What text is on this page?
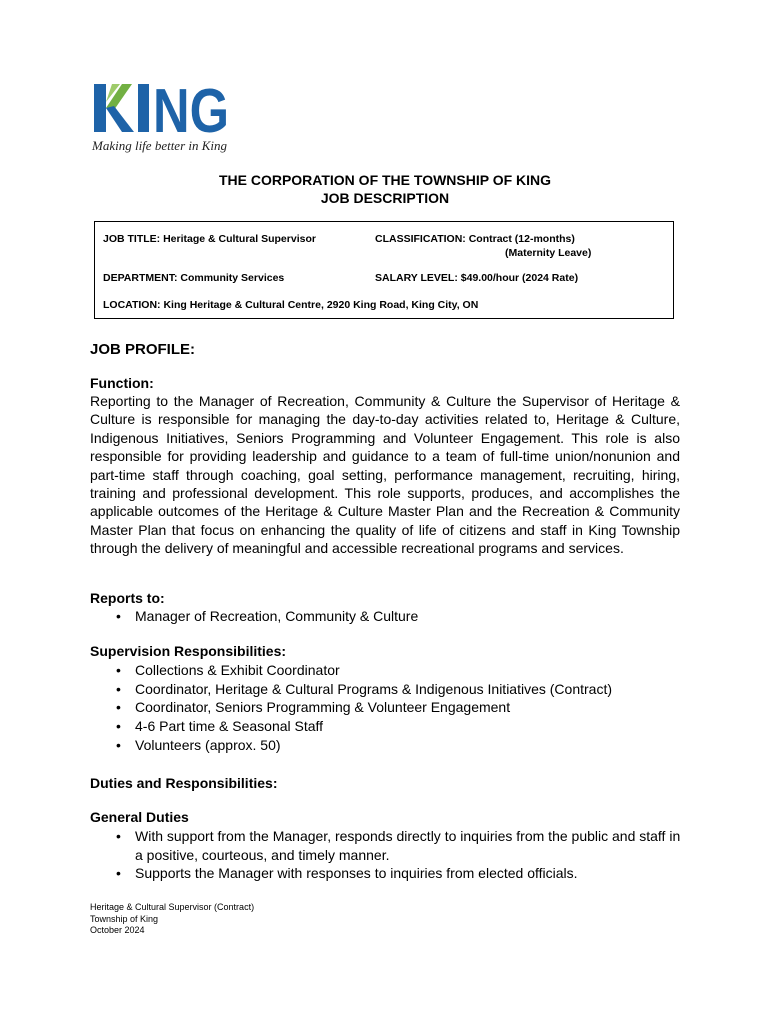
NG
Making life better in King
THE CORPORATION OF THE TOWNSHIP OF KING
JOB DESCRIPTION
JOB TITLE: Heritage & Cultural Supervisor	CLASSIFICATION: Contract (12-months)
(Maternity Leave)
DEPARTMENT: Community Services	SALARY LEVEL: $49.00/hour (2024 Rate)
LOCATION: King Heritage & Cultural Centre, 2920 King Road, King City, ON
JOB PROFILE:
Function:
Reporting to the Manager of Recreation, Community & Culture the Supervisor of Heritage & Culture is responsible for managing the day-to-day activities related to, Heritage & Culture, Indigenous Initiatives, Seniors Programming and Volunteer Engagement. This role is also responsible for providing leadership and guidance to a team of full-time union/nonunion and part-time staff through coaching, goal setting, performance management, recruiting, hiring, training and professional development. This role supports, produces, and accomplishes the applicable outcomes of the Heritage & Culture Master Plan and the Recreation & Community Master Plan that focus on enhancing the quality of life of citizens and staff in King Township through the delivery of meaningful and accessible recreational programs and services.
Reports to:
• Manager of Recreation, Community & Culture
Supervision Responsibilities:
• Collections & Exhibit Coordinator
• Coordinator, Heritage & Cultural Programs & Indigenous Initiatives (Contract)
• Coordinator, Seniors Programming & Volunteer Engagement
• 4-6 Part time & Seasonal Staff
• Volunteers (approx. 50)
Duties and Responsibilities:
General Duties
• With support from the Manager, responds directly to inquiries from the public and staff in a positive, courteous, and timely manner.
• Supports the Manager with responses to inquiries from elected officials.
Heritage & Cultural Supervisor (Contract)
Township of King
October 2024
